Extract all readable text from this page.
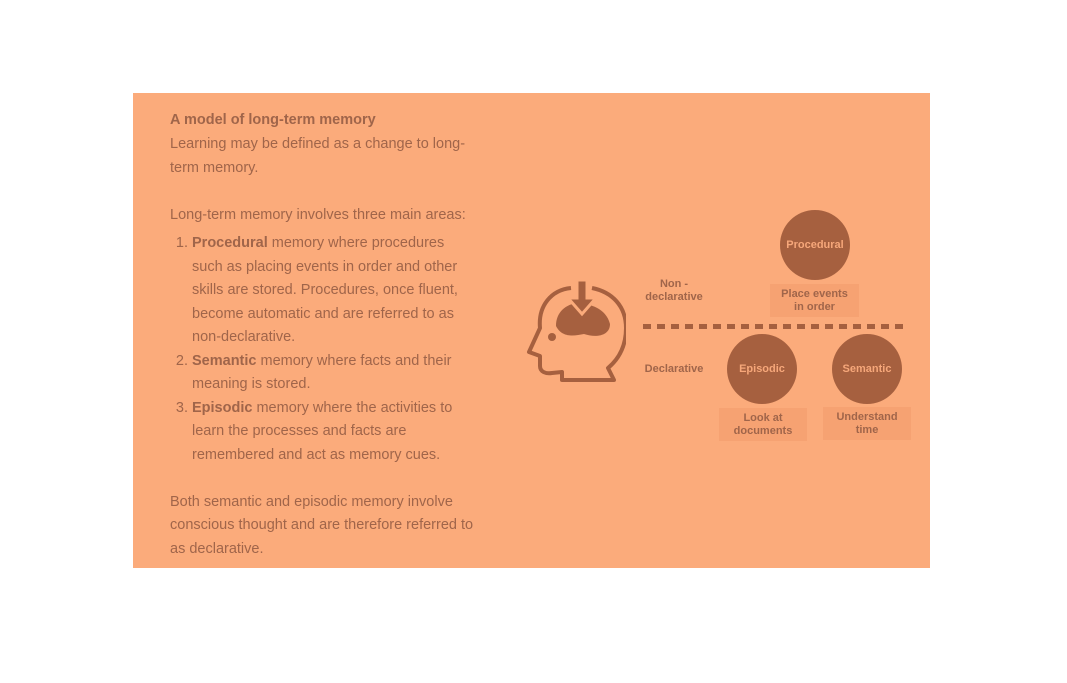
A model of long-term memory

Learning may be defined as a change to long-term memory.

Long-term memory involves three main areas:

1. Procedural memory where procedures such as placing events in order and other skills are stored. Procedures, once fluent, become automatic and are referred to as non-declarative.
2. Semantic memory where facts and their meaning is stored.
3. Episodic memory where the activities to learn the processes and facts are remembered and act as memory cues.

Both semantic and episodic memory involve conscious thought and are therefore referred to as declarative.

Non -
declarative
Declarative
Procedural
Place events
in order
Episodic
Look at
documents
Semantic
Understand
time
